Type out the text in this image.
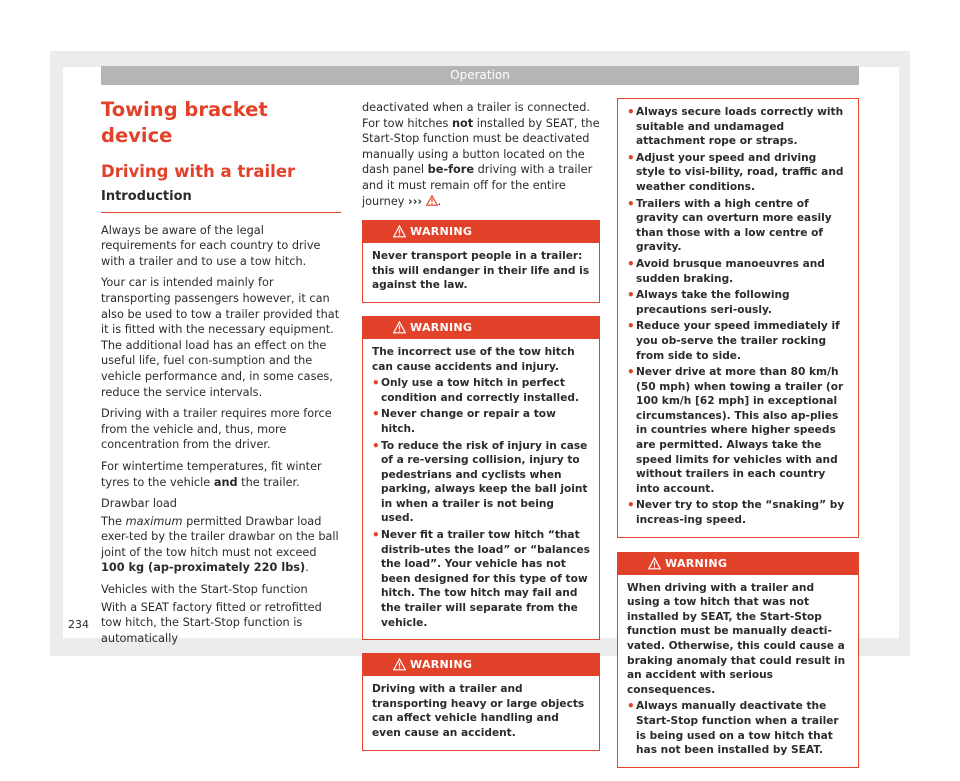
Operation
Towing bracket device
Driving with a trailer
Introduction

Always be aware of the legal requirements for each country to drive with a trailer and to use a tow hitch.

Your car is intended mainly for transporting passengers however, it can also be used to tow a trailer provided that it is fitted with the necessary equipment. The additional load has an effect on the useful life, fuel con-sumption and the vehicle performance and, in some cases, reduce the service intervals.

Driving with a trailer requires more force from the vehicle and, thus, more concentration from the driver.

For wintertime temperatures, fit winter tyres to the vehicle and the trailer.

Drawbar load

The maximum permitted Drawbar load exer-ted by the trailer drawbar on the ball joint of the tow hitch must not exceed 100 kg (ap-proximately 220 lbs).

Vehicles with the Start-Stop function

With a SEAT factory fitted or retrofitted tow hitch, the Start-Stop function is automatically

deactivated when a trailer is connected. For tow hitches not installed by SEAT, the Start-Stop function must be deactivated manually using a button located on the dash panel be-fore driving with a trailer and it must remain off for the entire journey ››› .

WARNING

Never transport people in a trailer: this will endanger in their life and is against the law.

WARNING

The incorrect use of the tow hitch can cause accidents and injury.

• Only use a tow hitch in perfect condition and correctly installed.
• Never change or repair a tow hitch.
• To reduce the risk of injury in case of a re-versing collision, injury to pedestrians and cyclists when parking, always keep the ball joint in when a trailer is not being used.
• Never fit a trailer tow hitch “that distrib-utes the load” or “balances the load”. Your vehicle has not been designed for this type of tow hitch. The tow hitch may fail and the trailer will separate from the vehicle.
WARNING

Driving with a trailer and transporting heavy or large objects can affect vehicle handling and even cause an accident.

• Always secure loads correctly with suitable and undamaged attachment rope or straps.
• Adjust your speed and driving style to visi-bility, road, traffic and weather conditions.
• Trailers with a high centre of gravity can overturn more easily than those with a low centre of gravity.
• Avoid brusque manoeuvres and sudden braking.
• Always take the following precautions seri-ously.
• Reduce your speed immediately if you ob-serve the trailer rocking from side to side.
• Never drive at more than 80 km/h (50 mph) when towing a trailer (or 100 km/h [62 mph] in exceptional circumstances). This also ap-plies in countries where higher speeds are permitted. Always take the speed limits for vehicles with and without trailers in each country into account.
• Never try to stop the “snaking” by increas-ing speed.
WARNING

When driving with a trailer and using a tow hitch that was not installed by SEAT, the Start-Stop function must be manually deacti-vated. Otherwise, this could cause a braking anomaly that could result in an accident with serious consequences.

• Always manually deactivate the Start-Stop function when a trailer is being used on a tow hitch that has not been installed by SEAT.
234
